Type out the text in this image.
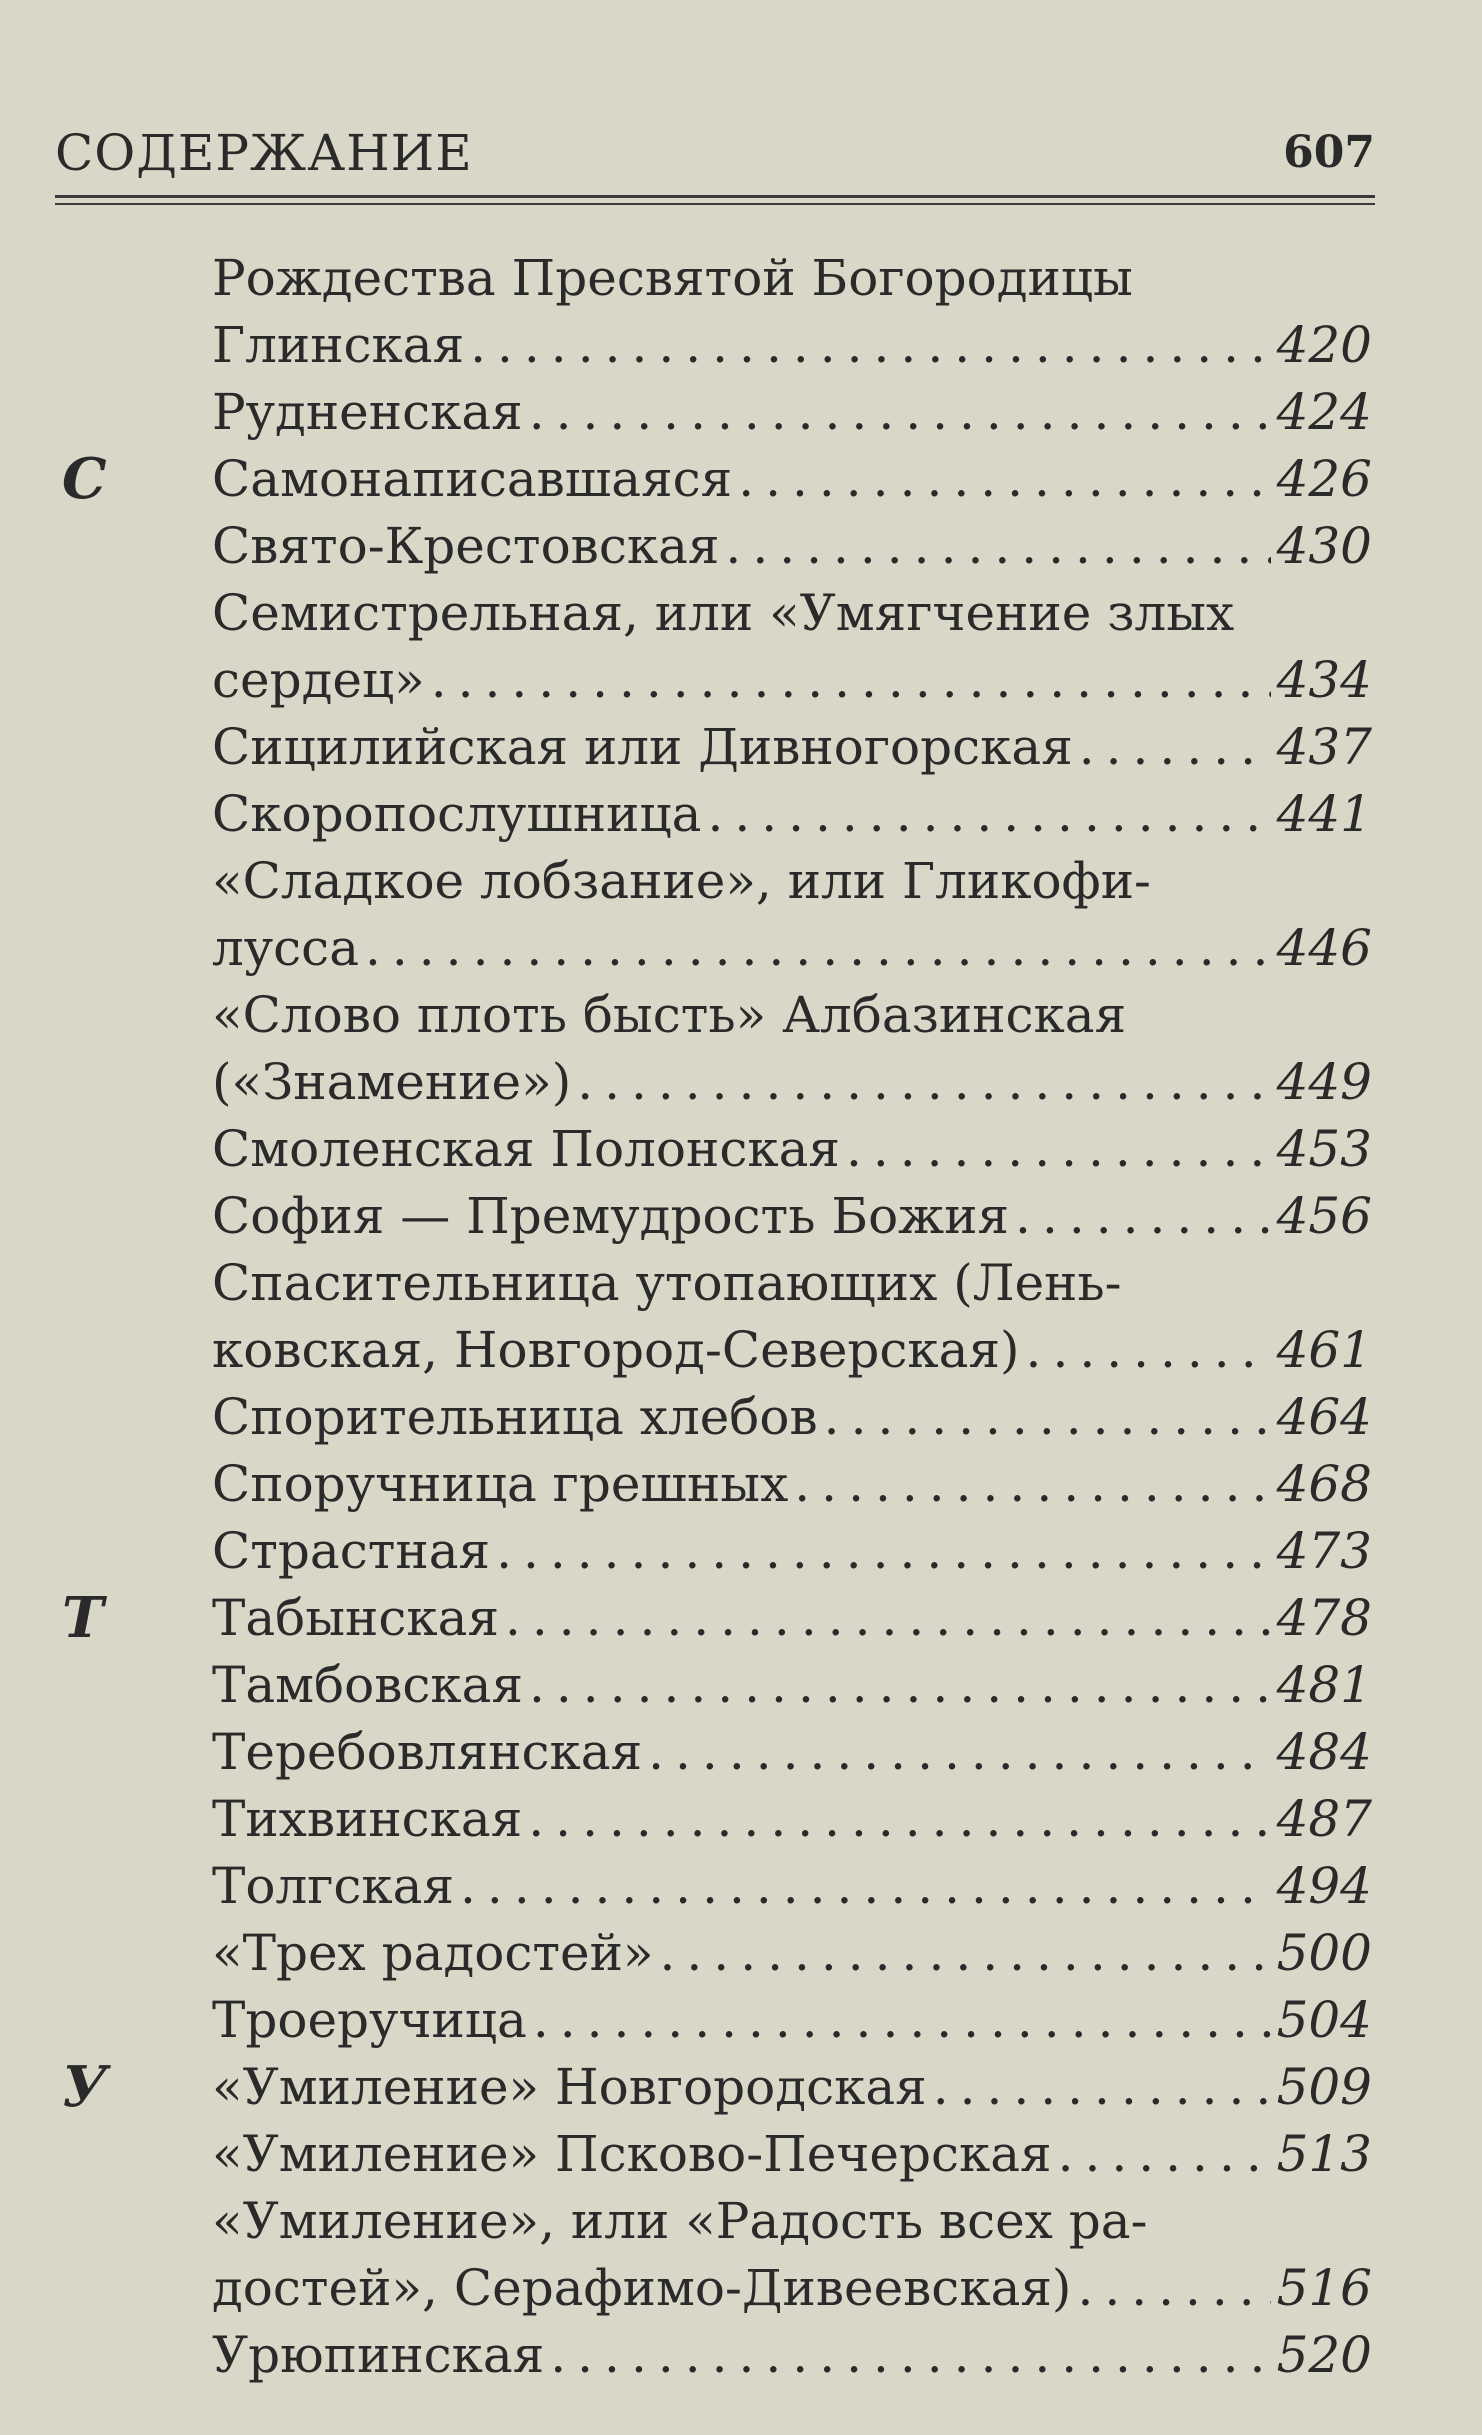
СОДЕРЖАНИЕ	607
Рождества Пресвятой Богородицы
Глинская .....	420
Рудненская .....	424
С Самонаписавшаяся .....	426
Свято-Крестовская .....	430
Семистрельная, или «Умягчение злых
сердец» .....	434
Сицилийская или Дивногорская .....	437
Скоропослушница .....	441
«Сладкое лобзание», или Гликофи-
лусса .....	446
«Слово плоть бысть» Албазинская
(«Знамение») .....	449
Смоленская Полонская .....	453
София — Премудрость Божия .....	456
Спасительница утопающих (Лень-
ковская, Новгород-Северская) .....	461
Спорительница хлебов .....	464
Споручница грешных .....	468
Страстная .....	473
Т Табынская .....	478
Тамбовская .....	481
Теребовлянская .....	484
Тихвинская .....	487
Толгская .....	494
«Трех радостей» .....	500
Троеручица .....	504
У «Умиление» Новгородская .....	509
«Умиление» Псково-Печерская .....	513
«Умиление», или «Радость всех ра-
достей», Серафимо-Дивеевская) .....	516
Урюпинская .....	520
